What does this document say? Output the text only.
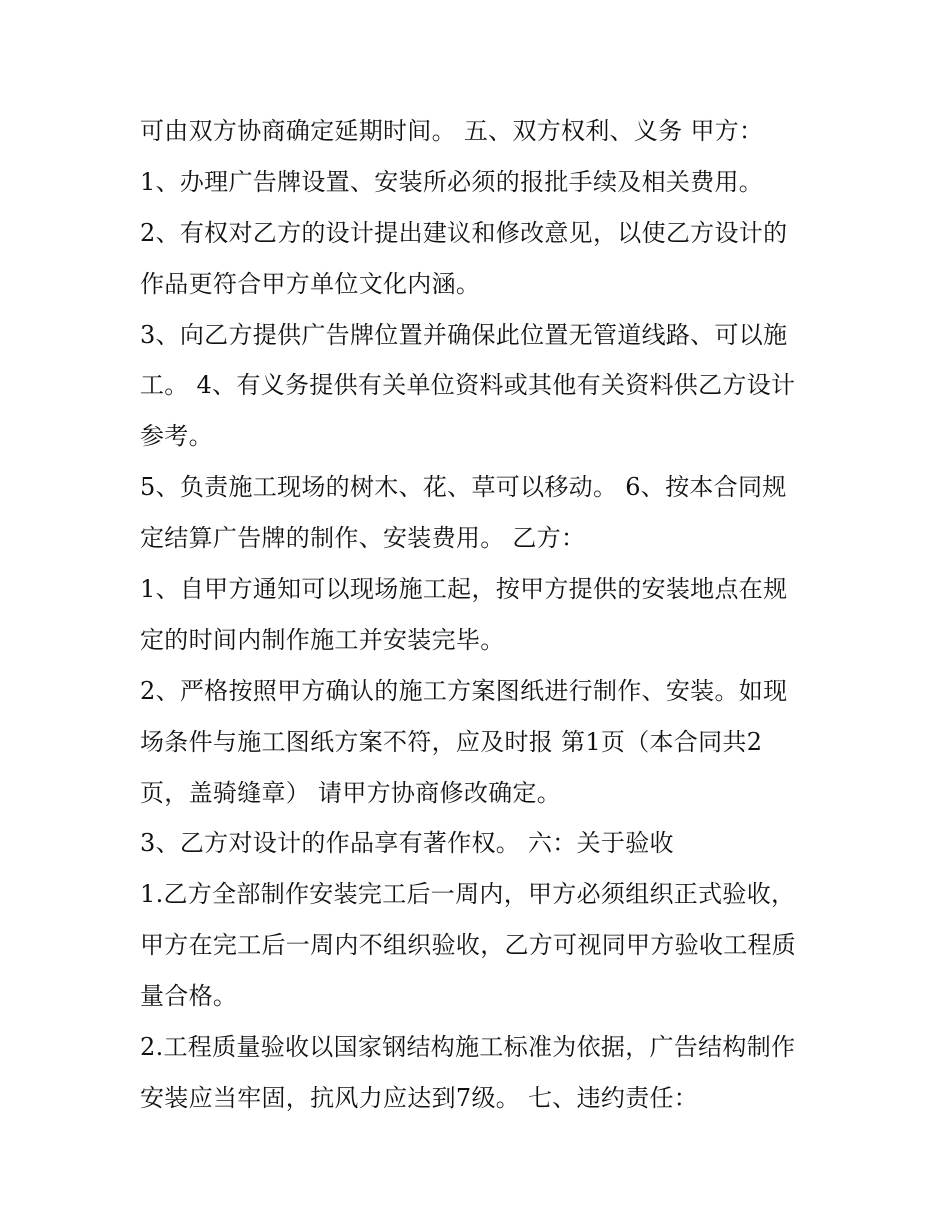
可由双方协商确定延期时间。 五、双方权利、义务 甲方：
1、办理广告牌设置、安装所必须的报批手续及相关费用。
2、有权对乙方的设计提出建议和修改意见，以使乙方设计的
作品更符合甲方单位文化内涵。
3、向乙方提供广告牌位置并确保此位置无管道线路、可以施
工。 4、有义务提供有关单位资料或其他有关资料供乙方设计
参考。
5、负责施工现场的树木、花、草可以移动。 6、按本合同规
定结算广告牌的制作、安装费用。 乙方：
1、自甲方通知可以现场施工起，按甲方提供的安装地点在规
定的时间内制作施工并安装完毕。
2、严格按照甲方确认的施工方案图纸进行制作、安装。如现
场条件与施工图纸方案不符，应及时报 第1页（本合同共2
页，盖骑缝章） 请甲方协商修改确定。
3、乙方对设计的作品享有著作权。 六：关于验收
1.乙方全部制作安装完工后一周内，甲方必须组织正式验收，
甲方在完工后一周内不组织验收，乙方可视同甲方验收工程质
量合格。
2.工程质量验收以国家钢结构施工标准为依据，广告结构制作
安装应当牢固，抗风力应达到7级。 七、违约责任：
